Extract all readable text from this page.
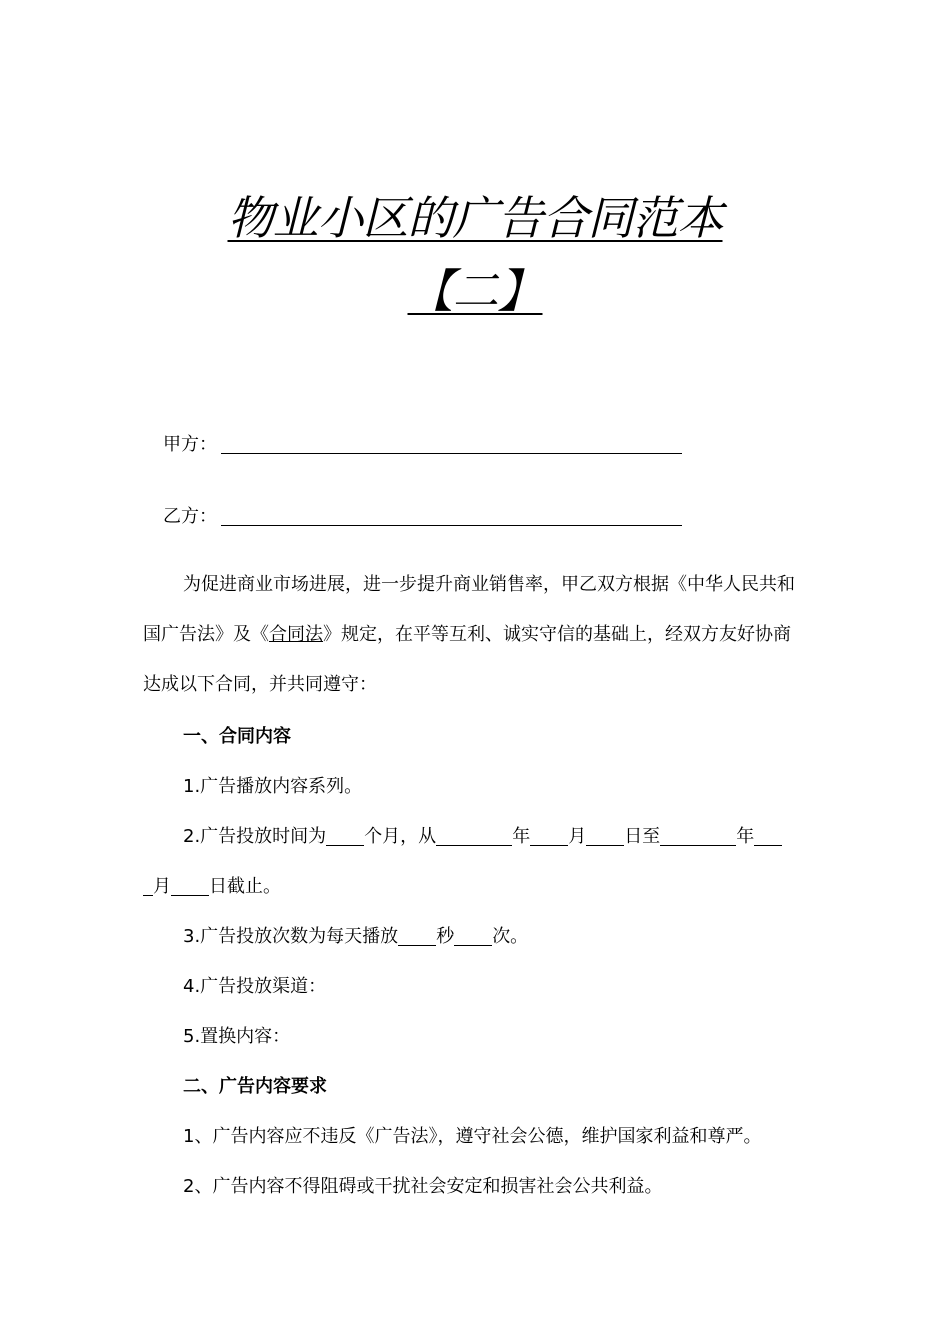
物业小区的广告合同范本
【二】
甲方：
乙方：
为促进商业市场进展，进一步提升商业销售率，甲乙双方根据《中华人民共和国广告法》及《合同法》规定，在平等互利、诚实守信的基础上，经双方友好协商达成以下合同，并共同遵守：
一、合同内容
1.广告播放内容系列。
2.广告投放时间为 个月，从	年 月 日至	年
月 日截止。
3.广告投放次数为每天播放 秒 次。
4.广告投放渠道：
5.置换内容：
二、广告内容要求
1、广告内容应不违反《广告法》，遵守社会公德，维护国家利益和尊严。
2、广告内容不得阻碍或干扰社会安定和损害社会公共利益。
